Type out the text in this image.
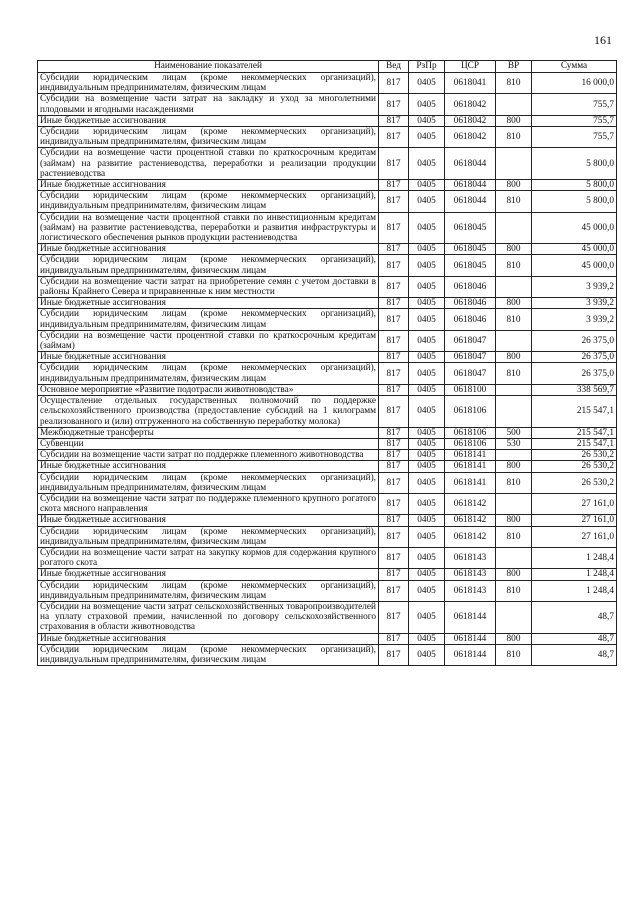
161
Наименование показателей	Вед	РзПр	ЦСР	ВР	Сумма
Субсидии юридическим лицам (кроме некоммерческих организаций), индивидуальным предпринимателям, физическим лицам	817	0405	0618041	810	16 000,0
Субсидии на возмещение части затрат на закладку и уход за многолетними плодовыми и ягодными насаждениями	817	0405	0618042		755,7
Иные бюджетные ассигнования	817	0405	0618042	800	755,7
Субсидии юридическим лицам (кроме некоммерческих организаций), индивидуальным предпринимателям, физическим лицам	817	0405	0618042	810	755,7
Субсидии на возмещение части процентной ставки по краткосрочным кредитам (займам) на развитие растениеводства, переработки и реализации продукции растениеводства	817	0405	0618044		5 800,0
Иные бюджетные ассигнования	817	0405	0618044	800	5 800,0
Субсидии юридическим лицам (кроме некоммерческих организаций), индивидуальным предпринимателям, физическим лицам	817	0405	0618044	810	5 800,0
Субсидии на возмещение части процентной ставки по инвестиционным кредитам (займам) на развитие растениеводства, переработки и развития инфраструктуры и логистического обеспечения рынков продукции растениеводства	817	0405	0618045		45 000,0
Иные бюджетные ассигнования	817	0405	0618045	800	45 000,0
Субсидии юридическим лицам (кроме некоммерческих организаций), индивидуальным предпринимателям, физическим лицам	817	0405	0618045	810	45 000,0
Субсидии на возмещение части затрат на приобретение семян с учетом доставки в районы Крайнего Севера и приравненные к ним местности	817	0405	0618046		3 939,2
Иные бюджетные ассигнования	817	0405	0618046	800	3 939,2
Субсидии юридическим лицам (кроме некоммерческих организаций), индивидуальным предпринимателям, физическим лицам	817	0405	0618046	810	3 939,2
Субсидии на возмещение части процентной ставки по краткосрочным кредитам (займам)	817	0405	0618047		26 375,0
Иные бюджетные ассигнования	817	0405	0618047	800	26 375,0
Субсидии юридическим лицам (кроме некоммерческих организаций), индивидуальным предпринимателям, физическим лицам	817	0405	0618047	810	26 375,0
Основное мероприятие «Развитие подотрасли животноводства»	817	0405	0618100		338 569,7
Осуществление отдельных государственных полномочий по поддержке сельскохозяйственного производства (предоставление субсидий на 1 килограмм реализованного и (или) отгруженного на собственную переработку молока)	817	0405	0618106		215 547,1
Межбюджетные трансферты	817	0405	0618106	500	215 547,1
Субвенции	817	0405	0618106	530	215 547,1
Субсидии на возмещение части затрат по поддержке племенного животноводства	817	0405	0618141		26 530,2
Иные бюджетные ассигнования	817	0405	0618141	800	26 530,2
Субсидии юридическим лицам (кроме некоммерческих организаций), индивидуальным предпринимателям, физическим лицам	817	0405	0618141	810	26 530,2
Субсидии на возмещение части затрат по поддержке племенного крупного рогатого скота мясного направления	817	0405	0618142		27 161,0
Иные бюджетные ассигнования	817	0405	0618142	800	27 161,0
Субсидии юридическим лицам (кроме некоммерческих организаций), индивидуальным предпринимателям, физическим лицам	817	0405	0618142	810	27 161,0
Субсидии на возмещение части затрат на закупку кормов для содержания крупного рогатого скота	817	0405	0618143		1 248,4
Иные бюджетные ассигнования	817	0405	0618143	800	1 248,4
Субсидии юридическим лицам (кроме некоммерческих организаций), индивидуальным предпринимателям, физическим лицам	817	0405	0618143	810	1 248,4
Субсидии на возмещение части затрат сельскохозяйственных товаропроизводителей на уплату страховой премии, начисленной по договору сельскохозяйственного страхования в области животноводства	817	0405	0618144		48,7
Иные бюджетные ассигнования	817	0405	0618144	800	48,7
Субсидии юридическим лицам (кроме некоммерческих организаций), индивидуальным предпринимателям, физическим лицам	817	0405	0618144	810	48,7
